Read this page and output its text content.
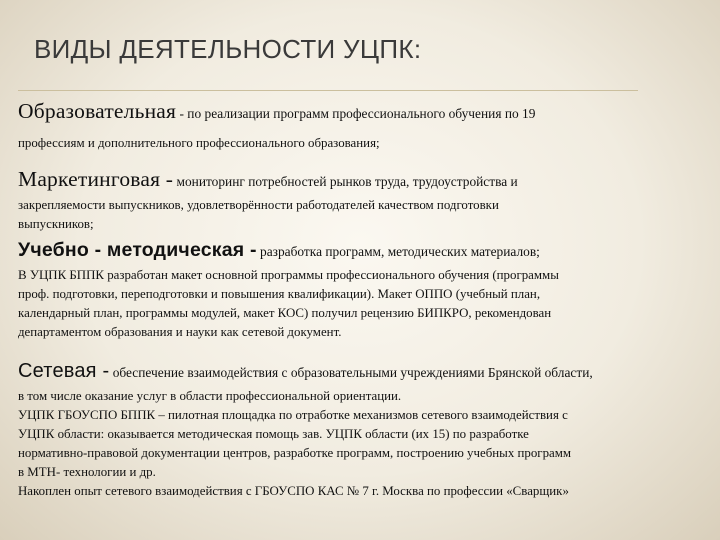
ВИДЫ ДЕЯТЕЛЬНОСТИ УЦПК:
Образовательная - по реализации программ профессионального обучения по 19

профессиям и дополнительного профессионального образования;

Маркетинговая - мониторинг потребностей рынков труда, трудоустройства и

закрепляемости выпускников, удовлетворённости работодателей качеством подготовки

выпускников;

Учебно - методическая - разработка программ, методических материалов;

В УЦПК БППК разработан макет основной программы профессионального обучения (программы

проф. подготовки, переподготовки и повышения квалификации). Макет ОППО (учебный план,

календарный план, программы модулей, макет КОС) получил рецензию БИПКРО, рекомендован

департаментом образования и науки как сетевой документ.

Сетевая - обеспечение взаимодействия с образовательными учреждениями Брянской области,

в том числе оказание услуг в области профессиональной ориентации.

УЦПК ГБОУСПО БППК – пилотная площадка по отработке механизмов сетевого взаимодействия с

УЦПК области: оказывается методическая помощь зав. УЦПК области (их 15) по разработке

нормативно-правовой документации центров, разработке программ, построению учебных программ

в МТН- технологии и др.

Накоплен опыт сетевого взаимодействия с ГБОУСПО КАС № 7 г. Москва по профессии «Сварщик»
